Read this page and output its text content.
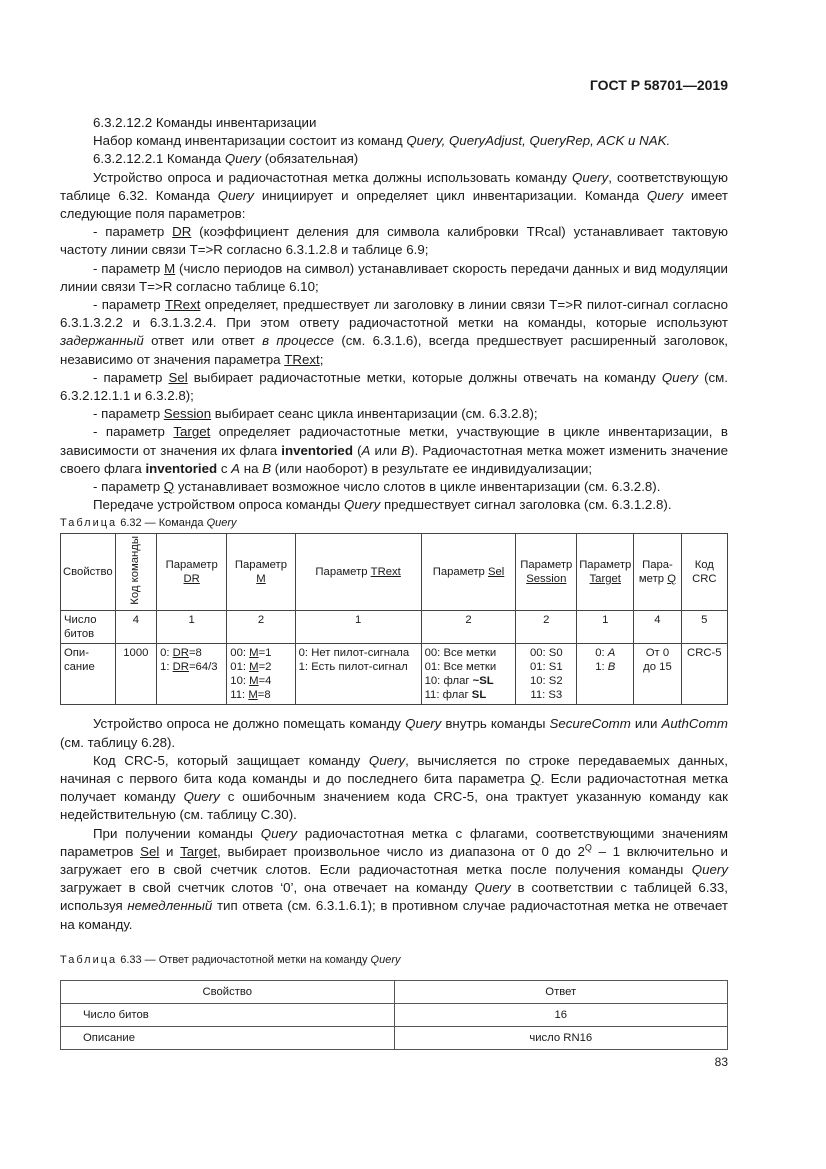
ГОСТ Р 58701—2019

6.3.2.12.2 Команды инвентаризации

Набор команд инвентаризации состоит из команд Query, QueryAdjust, QueryRep, ACK и NAK.

6.3.2.12.2.1 Команда Query (обязательная)

Устройство опроса и радиочастотная метка должны использовать команду Query, соответствующую таблице 6.32. Команда Query инициирует и определяет цикл инвентаризации. Команда Query имеет следующие поля параметров:

- параметр DR (коэффициент деления для символа калибровки TRcal) устанавливает тактовую частоту линии связи T=>R согласно 6.3.1.2.8 и таблице 6.9;

- параметр M (число периодов на символ) устанавливает скорость передачи данных и вид модуляции линии связи T=>R согласно таблице 6.10;

- параметр TRext определяет, предшествует ли заголовку в линии связи T=>R пилот-сигнал согласно 6.3.1.3.2.2 и 6.3.1.3.2.4. При этом ответу радиочастотной метки на команды, которые используют задержанный ответ или ответ в процессе (см. 6.3.1.6), всегда предшествует расширенный заголовок, независимо от значения параметра TRext;

- параметр Sel выбирает радиочастотные метки, которые должны отвечать на команду Query (см. 6.3.2.12.1.1 и 6.3.2.8);

- параметр Session выбирает сеанс цикла инвентаризации (см. 6.3.2.8);

- параметр Target определяет радиочастотные метки, участвующие в цикле инвентаризации, в зависимости от значения их флага inventoried (A или B). Радиочастотная метка может изменить значение своего флага inventoried с A на B (или наоборот) в результате ее индивидуализации;

- параметр Q устанавливает возможное число слотов в цикле инвентаризации (см. 6.3.2.8).

Передаче устройством опроса команды Query предшествует сигнал заголовка (см. 6.3.1.2.8).

Таблица 6.32 — Команда Query

Свойство	Код команды	Параметр
DR	Параметр
M	Параметр TRext	Параметр Sel	Параметр
Session	Параметр
Target	Пара-
метр Q	Код CRC
Число битов	4	1	2	1	2	2	1	4	5
Опи-сание	1000	0: DR=8
1: DR=64/3	00: M=1
01: M=2
10: M=4
11: M=8	0: Нет пилот-сигнала
1: Есть пилот-сигнал	00: Все метки
01: Все метки
10: флаг ~SL
11: флаг SL	00: S0
01: S1
10: S2
11: S3	0: A
1: B	От 0
до 15	CRC-5

Устройство опроса не должно помещать команду Query внутрь команды SecureComm или AuthComm (см. таблицу 6.28).

Код CRC-5, который защищает команду Query, вычисляется по строке передаваемых данных, начиная с первого бита кода команды и до последнего бита параметра Q. Если радиочастотная метка получает команду Query с ошибочным значением кода CRC-5, она трактует указанную команду как недействительную (см. таблицу С.30).

При получении команды Query радиочастотная метка с флагами, соответствующими значениям параметров Sel и Target, выбирает произвольное число из диапазона от 0 до $2^Q - 1$ включительно и загружает его в свой счетчик слотов. Если радиочастотная метка после получения команды Query загружает в свой счетчик слотов ‘0’, она отвечает на команду Query в соответствии с таблицей 6.33, используя немедленный тип ответа (см. 6.3.1.6.1); в противном случае радиочастотная метка не отвечает на команду.

Таблица 6.33 — Ответ радиочастотной метки на команду Query

Свойство	Ответ
Число битов	16
Описание	число RN16
83
